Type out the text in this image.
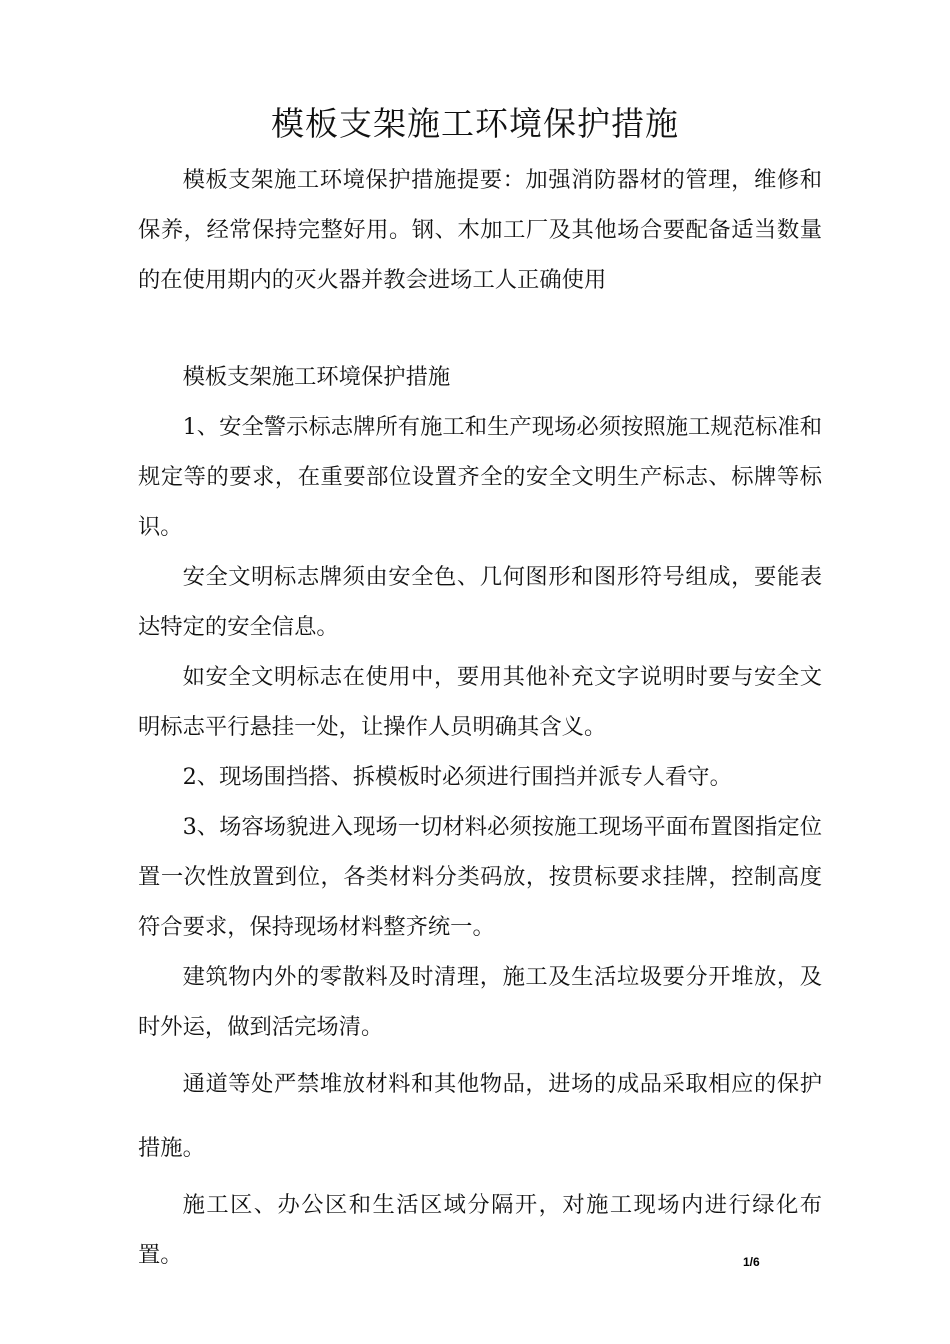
模板支架施工环境保护措施

模板支架施工环境保护措施提要：加强消防器材的管理，维修和保养，经常保持完整好用。钢、木加工厂及其他场合要配备适当数量的在使用期内的灭火器并教会进场工人正确使用

模板支架施工环境保护措施

1、安全警示标志牌所有施工和生产现场必须按照施工规范标准和规定等的要求，在重要部位设置齐全的安全文明生产标志、标牌等标识。

安全文明标志牌须由安全色、几何图形和图形符号组成，要能表达特定的安全信息。

如安全文明标志在使用中，要用其他补充文字说明时要与安全文明标志平行悬挂一处，让操作人员明确其含义。

2、现场围挡搭、拆模板时必须进行围挡并派专人看守。

3、场容场貌进入现场一切材料必须按施工现场平面布置图指定位置一次性放置到位，各类材料分类码放，按贯标要求挂牌，控制高度符合要求，保持现场材料整齐统一。

建筑物内外的零散料及时清理，施工及生活垃圾要分开堆放，及时外运，做到活完场清。

通道等处严禁堆放材料和其他物品，进场的成品采取相应的保护措施。

施工区、办公区和生活区域分隔开，对施工现场内进行绿化布置。	1/6
